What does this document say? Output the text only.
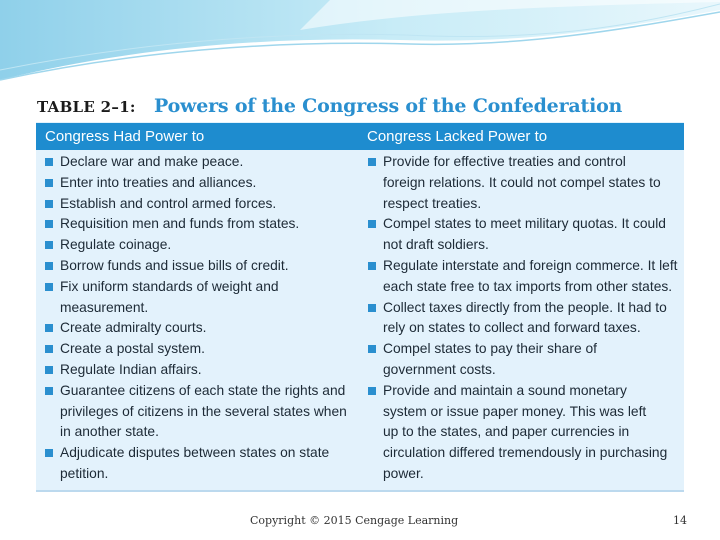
TABLE 2–1: Powers of the Congress of the Confederation
Congress Had Power to	Congress Lacked Power to
Declare war and make peace.
Enter into treaties and alliances.
Establish and control armed forces.
Requisition men and funds from states.
Regulate coinage.
Borrow funds and issue bills of credit.
Fix uniform standards of weight and
measurement.
Create admiralty courts.
Create a postal system.
Regulate Indian affairs.
Guarantee citizens of each state the rights and
privileges of citizens in the several states when
in another state.
Adjudicate disputes between states on state
petition.
Provide for effective treaties and control
foreign relations. It could not compel states to
respect treaties.
Compel states to meet military quotas. It could
not draft soldiers.
Regulate interstate and foreign commerce. It left
each state free to tax imports from other states.
Collect taxes directly from the people. It had to
rely on states to collect and forward taxes.
Compel states to pay their share of
government costs.
Provide and maintain a sound monetary
system or issue paper money. This was left
up to the states, and paper currencies in
circulation differed tremendously in purchasing
power.
Copyright © 2015 Cengage Learning	14
